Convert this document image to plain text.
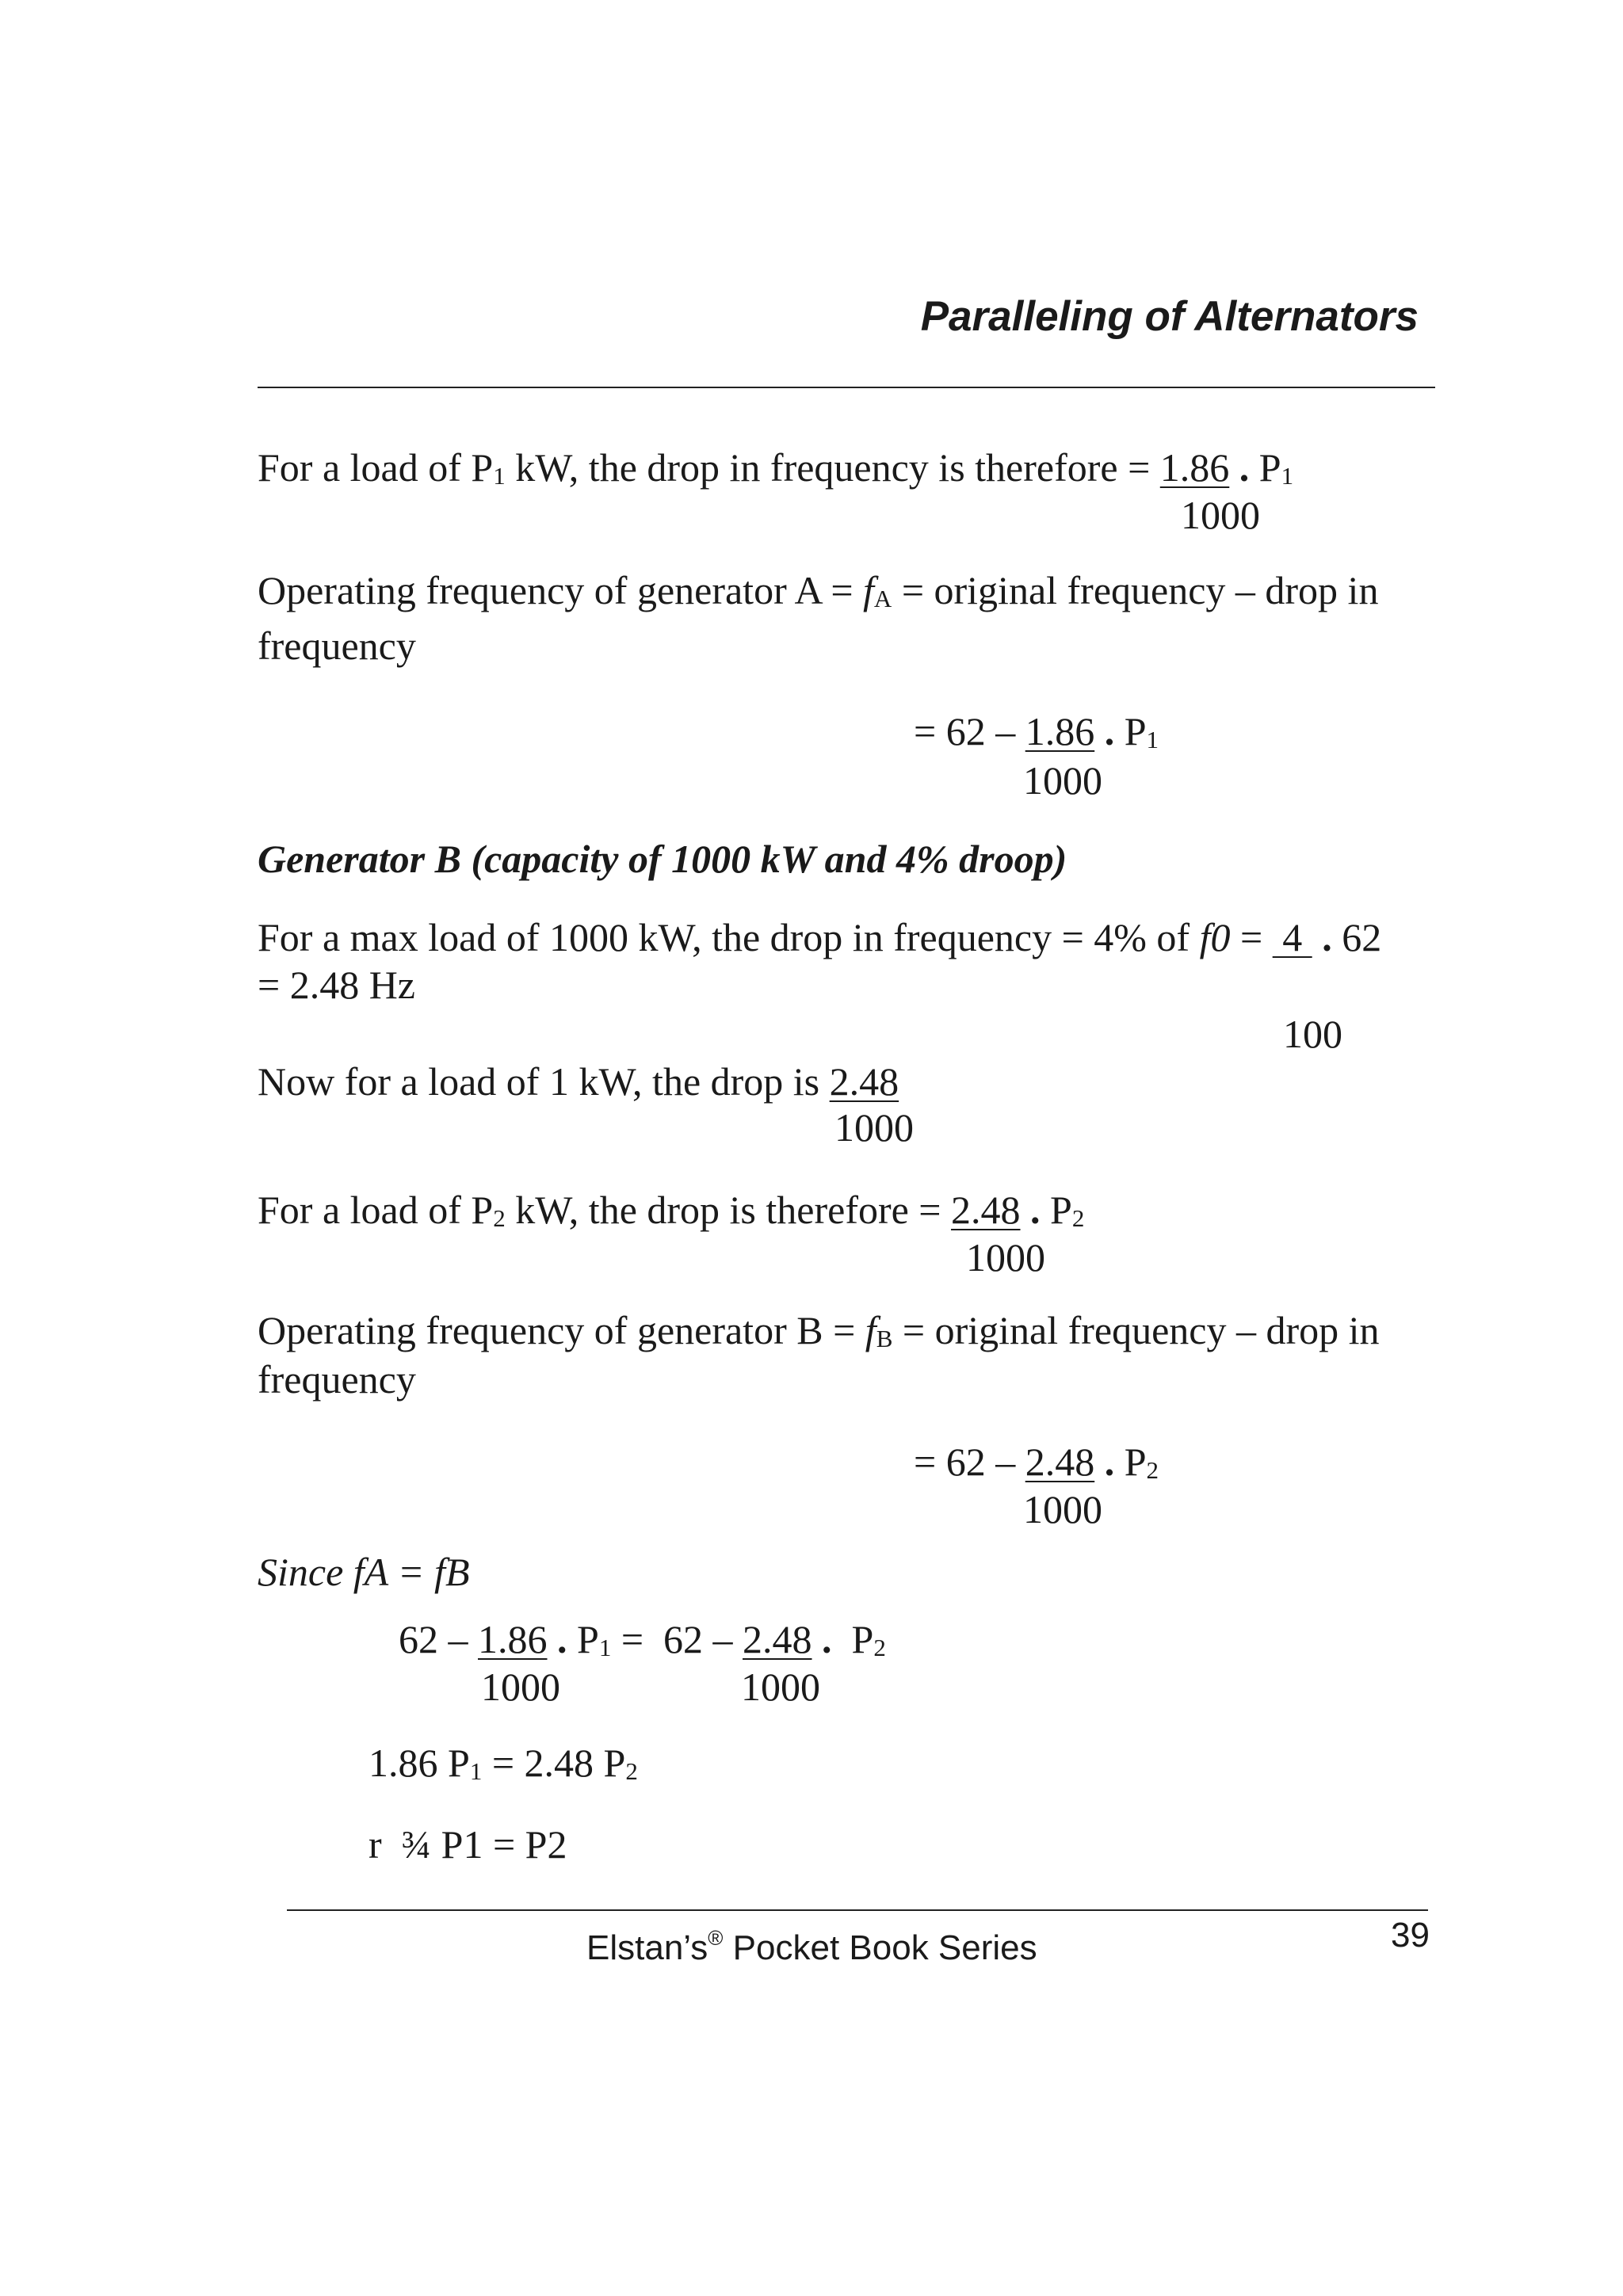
Paralleling of Alternators
For a load of P1 kW, the drop in frequency is therefore = 1.86 . P1
1000
Operating frequency of generator A = fA = original frequency – drop in
frequency
= 62 – 1.86 . P1
1000
Generator B (capacity of 1000 kW and 4% droop)
For a max load of 1000 kW, the drop in frequency = 4% of f0 =  4  . 62
= 2.48 Hz
100
Now for a load of 1 kW, the drop is 2.48
1000
For a load of P2 kW, the drop is therefore = 2.48 . P2
1000
Operating frequency of generator B = fB = original frequency – drop in
frequency
= 62 – 2.48 . P2
1000
Since fA = fB
62 – 1.86 . P1 =  62 – 2.48 .  P2
1000	1000
1.86 P1 = 2.48 P2
r  ¾ P1 = P2
Elstan’s® Pocket Book Series	39
